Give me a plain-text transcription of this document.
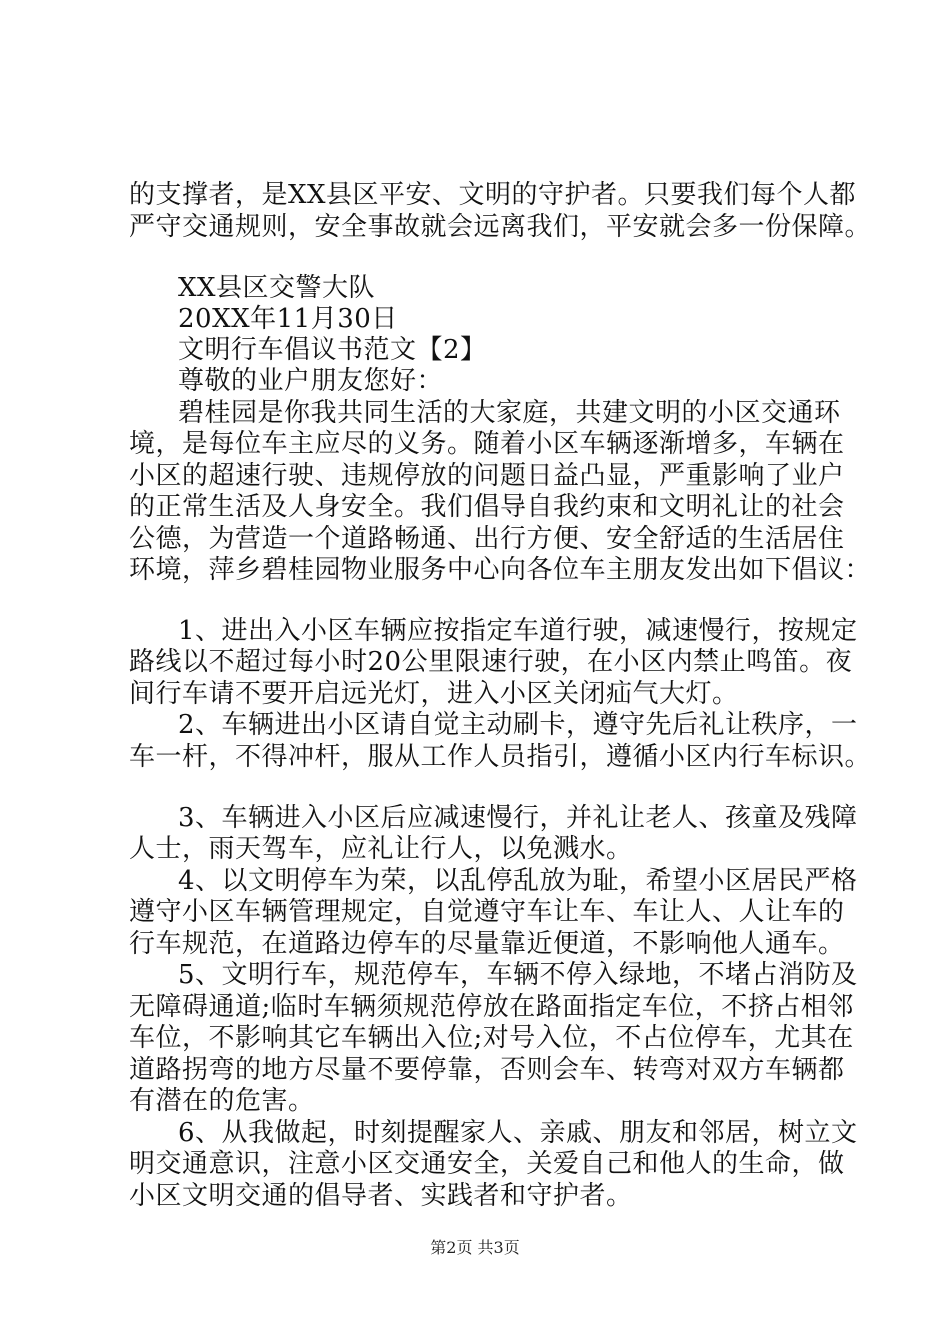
的支撑者，是XX县区平安、文明的守护者。只要我们每个人都
严守交通规则，安全事故就会远离我们，平安就会多一份保障。
XX县区交警大队
20XX年11月30日
文明行车倡议书范文【2】
尊敬的业户朋友您好：
碧桂园是你我共同生活的大家庭，共建文明的小区交通环
境，是每位车主应尽的义务。随着小区车辆逐渐增多，车辆在
小区的超速行驶、违规停放的问题日益凸显，严重影响了业户
的正常生活及人身安全。我们倡导自我约束和文明礼让的社会
公德，为营造一个道路畅通、出行方便、安全舒适的生活居住
环境，萍乡碧桂园物业服务中心向各位车主朋友发出如下倡议：
1、进出入小区车辆应按指定车道行驶，减速慢行，按规定
路线以不超过每小时20公里限速行驶，在小区内禁止鸣笛。夜
间行车请不要开启远光灯，进入小区关闭疝气大灯。
2、车辆进出小区请自觉主动刷卡，遵守先后礼让秩序，一
车一杆，不得冲杆，服从工作人员指引，遵循小区内行车标识。
3、车辆进入小区后应减速慢行，并礼让老人、孩童及残障
人士，雨天驾车，应礼让行人，以免溅水。
4、以文明停车为荣，以乱停乱放为耻，希望小区居民严格
遵守小区车辆管理规定，自觉遵守车让车、车让人、人让车的
行车规范，在道路边停车的尽量靠近便道，不影响他人通车。
5、文明行车，规范停车，车辆不停入绿地，不堵占消防及
无障碍通道;临时车辆须规范停放在路面指定车位，不挤占相邻
车位，不影响其它车辆出入位;对号入位，不占位停车，尤其在
道路拐弯的地方尽量不要停靠，否则会车、转弯对双方车辆都
有潜在的危害。
6、从我做起，时刻提醒家人、亲戚、朋友和邻居，树立文
明交通意识，注意小区交通安全，关爱自己和他人的生命，做
小区文明交通的倡导者、实践者和守护者。
第2页 共3页
